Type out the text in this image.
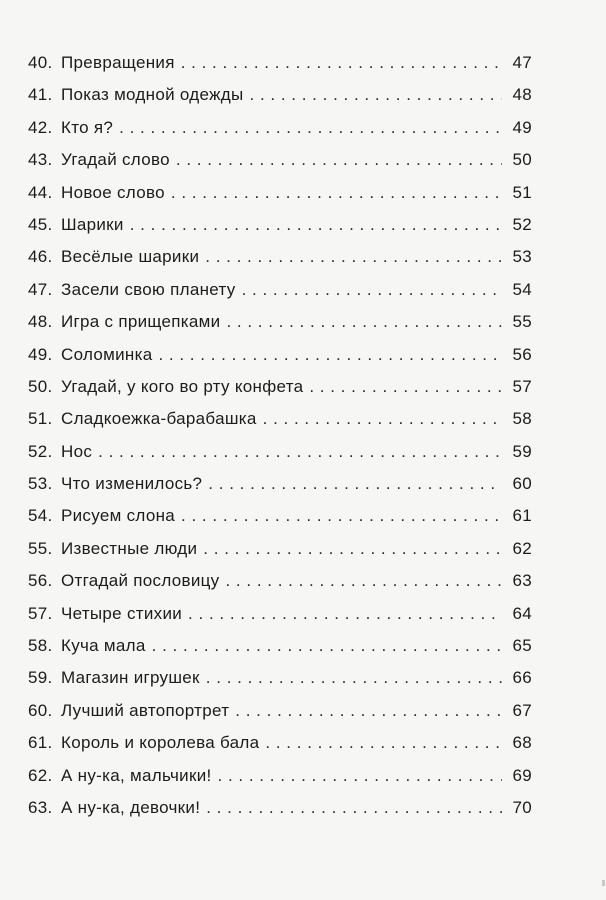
40. Превращения . . .	47
41. Показ модной одежды . . .	48
42. Кто я? . . .	49
43. Угадай слово . . .	50
44. Новое слово . . .	51
45. Шарики . . .	52
46. Весёлые шарики . . .	53
47. Засели свою планету . . .	54
48. Игра с прищепками . . .	55
49. Соломинка . . .	56
50. Угадай, у кого во рту конфета . . .	57
51. Сладкоежка-барабашка . . .	58
52. Нос . . .	59
53. Что изменилось? . . .	60
54. Рисуем слона . . .	61
55. Известные люди . . .	62
56. Отгадай пословицу . . .	63
57. Четыре стихии . . .	64
58. Куча мала . . .	65
59. Магазин игрушек . . .	66
60. Лучший автопортрет . . .	67
61. Король и королева бала . . .	68
62. А ну-ка, мальчики! . . .	69
63. А ну-ка, девочки! . . .	70
